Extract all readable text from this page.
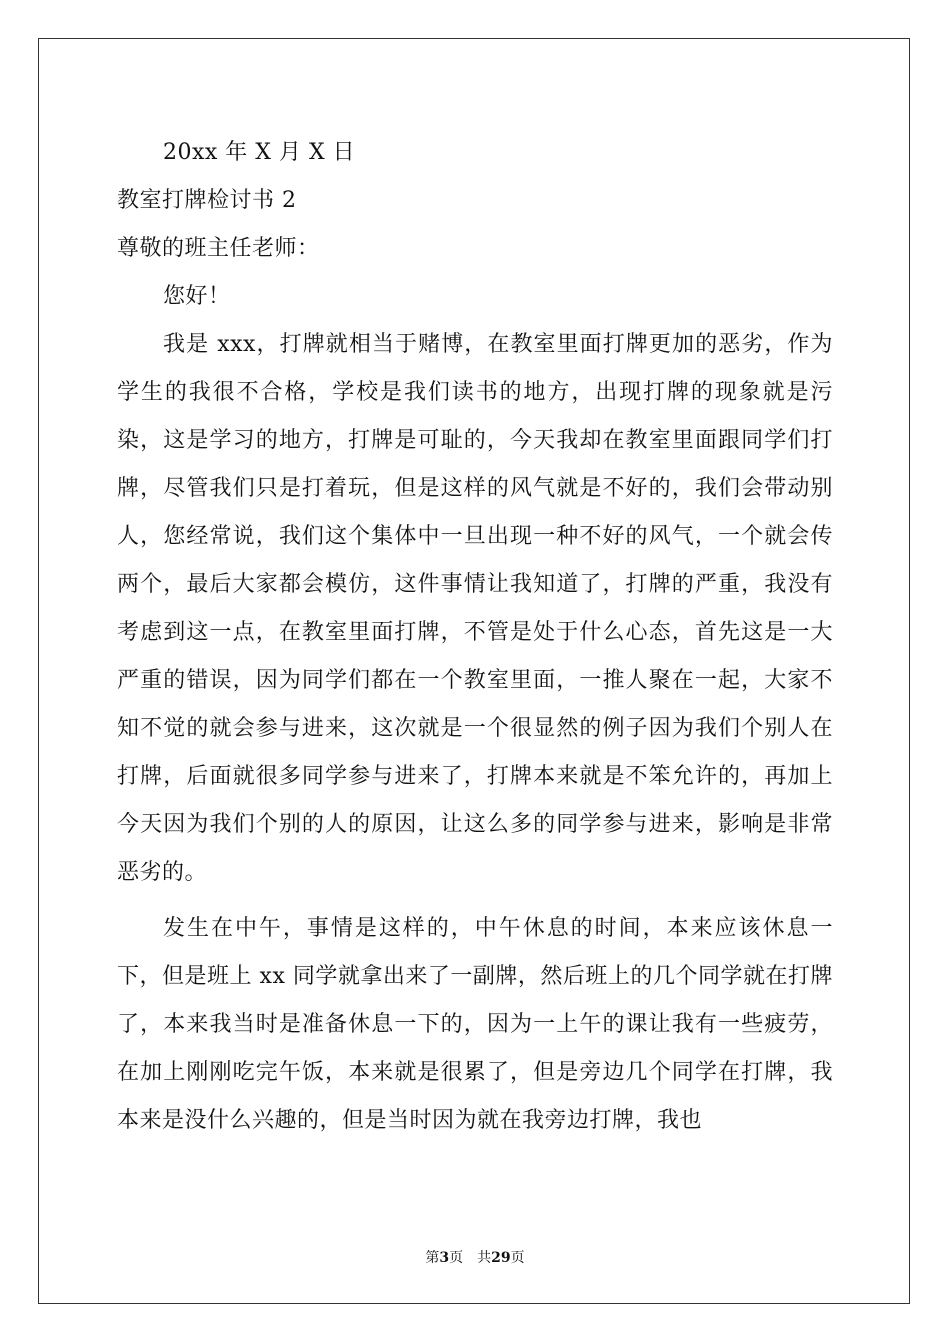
20xx 年 X 月 X 日
教室打牌检讨书 2
尊敬的班主任老师：
您好！

我是 xxx，打牌就相当于赌博，在教室里面打牌更加的恶劣，作为学生的我很不合格，学校是我们读书的地方，出现打牌的现象就是污染，这是学习的地方，打牌是可耻的，今天我却在教室里面跟同学们打牌，尽管我们只是打着玩，但是这样的风气就是不好的，我们会带动别人，您经常说，我们这个集体中一旦出现一种不好的风气，一个就会传两个，最后大家都会模仿，这件事情让我知道了，打牌的严重，我没有考虑到这一点，在教室里面打牌，不管是处于什么心态，首先这是一大严重的错误，因为同学们都在一个教室里面，一推人聚在一起，大家不知不觉的就会参与进来，这次就是一个很显然的例子因为我们个别人在打牌，后面就很多同学参与进来了，打牌本来就是不笨允许的，再加上今天因为我们个别的人的原因，让这么多的同学参与进来，影响是非常恶劣的。

发生在中午，事情是这样的，中午休息的时间，本来应该休息一下，但是班上 xx 同学就拿出来了一副牌，然后班上的几个同学就在打牌了，本来我当时是准备休息一下的，因为一上午的课让我有一些疲劳，在加上刚刚吃完午饭，本来就是很累了，但是旁边几个同学在打牌，我本来是没什么兴趣的，但是当时因为就在我旁边打牌，我也

第3页 共29页
